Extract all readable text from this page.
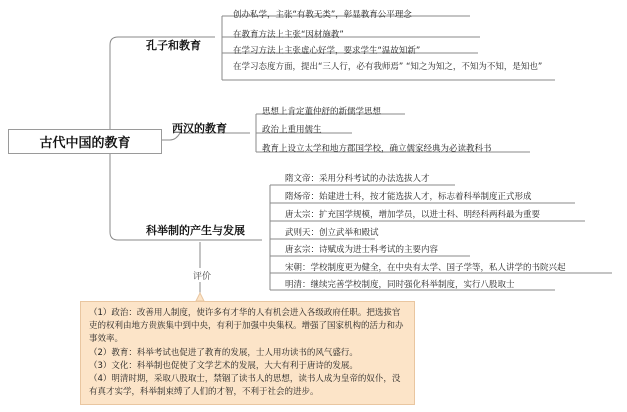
古代中国的教育
孔子和教育
创办私学，主张“有教无类”，彰显教育公平理念
在教育方法上主张“因材施教”
在学习方法上主张虚心好学，要求学生“温故知新”
在学习态度方面，提出“三人行，必有我师焉” “知之为知之，不知为不知，是知也”
西汉的教育
思想上肯定董仲舒的新儒学思想
政治上重用儒生
教育上设立太学和地方郡国学校，确立儒家经典为必读教科书
科举制的产生与发展
隋文帝：采用分科考试的办法选拔人才
隋炀帝：始建进士科，按才能选拔人才，标志着科举制度正式形成
唐太宗：扩充国学规模，增加学员，以进士科、明经科两科最为重要
武则天：创立武举和殿试
唐玄宗：诗赋成为进士科考试的主要内容
宋朝：学校制度更为健全，在中央有太学、国子学等，私人讲学的书院兴起
明清：继续完善学校制度，同时强化科举制度，实行八股取士
评价

（1）政治：改善用人制度，使许多有才华的人有机会进入各级政府任职。把选拔官吏的权利由地方贵族集中到中央，有利于加强中央集权。增强了国家机构的活力和办事效率。

（2）教育：科举考试也促进了教育的发展，士人用功读书的风气盛行。

（3）文化：科举制也促使了文学艺术的发展，大大有利于唐诗的发展。

（4）明清时期，采取八股取士，禁锢了读书人的思想，读书人成为皇帝的奴仆，没有真才实学，科举制束缚了人们的才智，不利于社会的进步。
